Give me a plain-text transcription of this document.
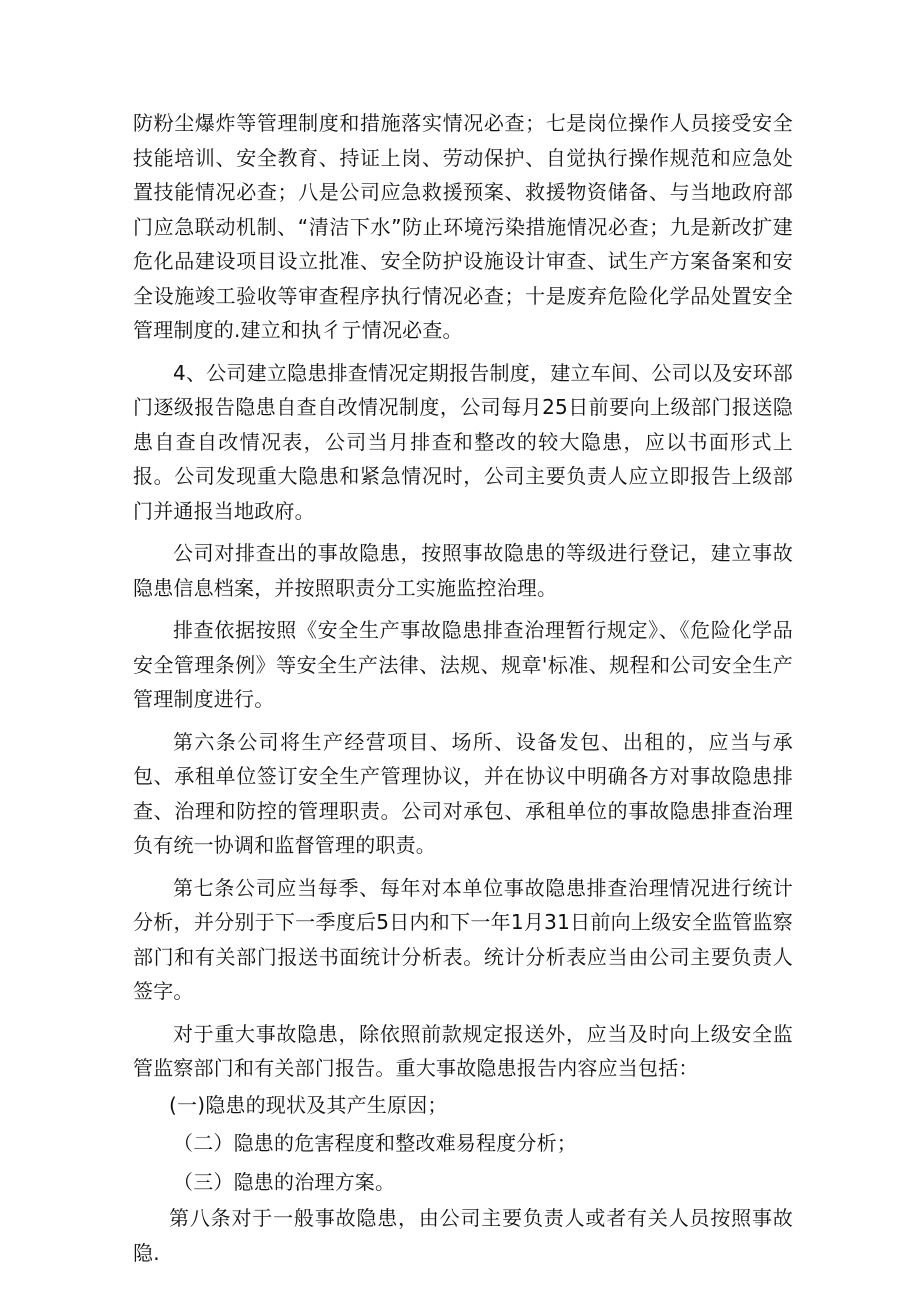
防粉尘爆炸等管理制度和措施落实情况必查；七是岗位操作人员接受安全技能培训、安全教育、持证上岗、劳动保护、自觉执行操作规范和应急处置技能情况必查；八是公司应急救援预案、救援物资储备、与当地政府部门应急联动机制、“清洁下水”防止环境污染措施情况必查；九是新改扩建危化品建设项目设立批准、安全防护设施设计审查、试生产方案备案和安全设施竣工验收等审查程序执行情况必查；十是废弃危险化学品处置安全管理制度的.建立和执彳亍情况必查。

4、公司建立隐患排查情况定期报告制度，建立车间、公司以及安环部门逐级报告隐患自查自改情况制度，公司每月25日前要向上级部门报送隐患自查自改情况表，公司当月排查和整改的较大隐患，应以书面形式上报。公司发现重大隐患和紧急情况时，公司主要负责人应立即报告上级部门并通报当地政府。

公司对排查出的事故隐患，按照事故隐患的等级进行登记，建立事故隐患信息档案，并按照职责分工实施监控治理。

排查依据按照《安全生产事故隐患排查治理暂行规定》、《危险化学品安全管理条例》等安全生产法律、法规、规章'标准、规程和公司安全生产管理制度进行。

第六条公司将生产经营项目、场所、设备发包、出租的，应当与承包、承租单位签订安全生产管理协议，并在协议中明确各方对事故隐患排查、治理和防控的管理职责。公司对承包、承租单位的事故隐患排查治理负有统一协调和监督管理的职责。

第七条公司应当每季、每年对本单位事故隐患排查治理情况进行统计分析，并分别于下一季度后5日内和下一年1月31日前向上级安全监管监察部门和有关部门报送书面统计分析表。统计分析表应当由公司主要负责人签字。

对于重大事故隐患，除依照前款规定报送外，应当及时向上级安全监管监察部门和有关部门报告。重大事故隐患报告内容应当包括：

(一)隐患的现状及其产生原因；

（二）隐患的危害程度和整改难易程度分析；

（三）隐患的治理方案。

第八条对于一般事故隐患，由公司主要负责人或者有关人员按照事故隐.
